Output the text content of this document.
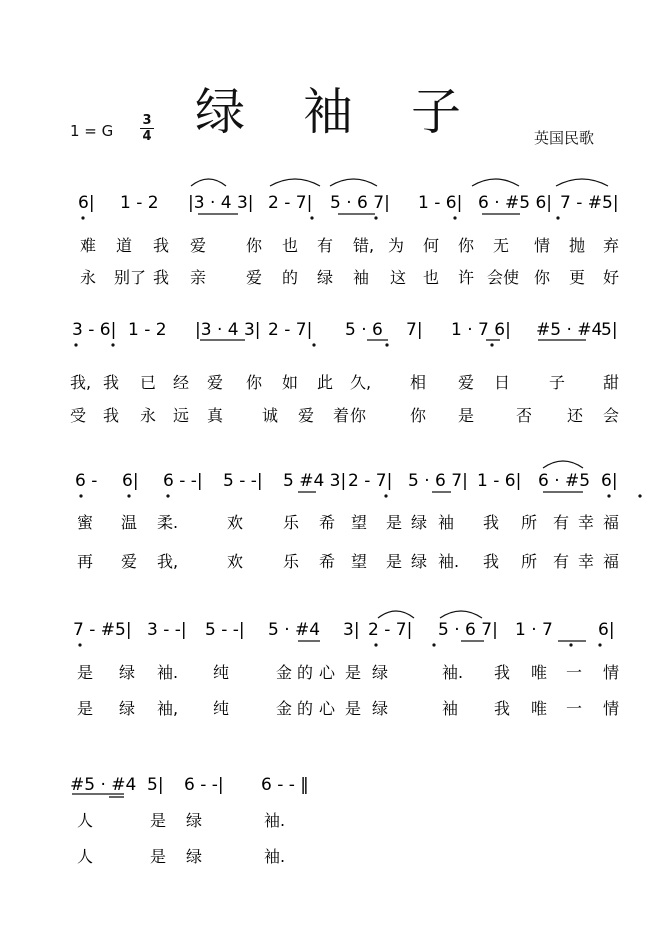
绿袖子
1 = G
3
4	英国民歌
6| 1 - 2 |3 · 4 3| 2 - 7| 5 · 6 7| 1 - 6| 6 · #5 6| 7 - #5|
难 道 我 爱 你 也 有 错, 为 何 你 无 情 抛 弃
永 别了 我 亲 爱 的 绿 袖 这 也 许 会使 你 更 好
3 - 6| 1 - 2 |3 · 4 3| 2 - 7| 5 · 6 7| 1 · 7 6| #5 · #4
5|
我, 我 已 经 爱 你 如 此 久, 相 爱 日 子 甜
受 我 永 远 真 诚 爱 着 你	你 是	否 还 会
6 - 6| 6 - -| 5 - -| 5 #4 3| 2 - 7| 5 · 6 7| 1 - 6| 6 · #5 6|
蜜 温 柔.	欢 乐 希 望 是 绿 袖 我 所 有 幸 福
再 爱 我,	欢 乐 希 望 是 绿 袖. 我 所 有 幸 福
7 - #5| 3 - -| 5 - -| 5 · #4 3| 2 - 7| 5 · 6 7| 1 · 7	6|
是 绿 袖. 纯	金 的 心 是 绿	袖. 我 唯 一 情
是 绿 袖, 纯	金 的 心 是 绿	袖 我 唯 一 情
#5 · #4 5| 6 - -| 6 - - ‖
人	是 绿	袖.
人	是 绿	袖.
